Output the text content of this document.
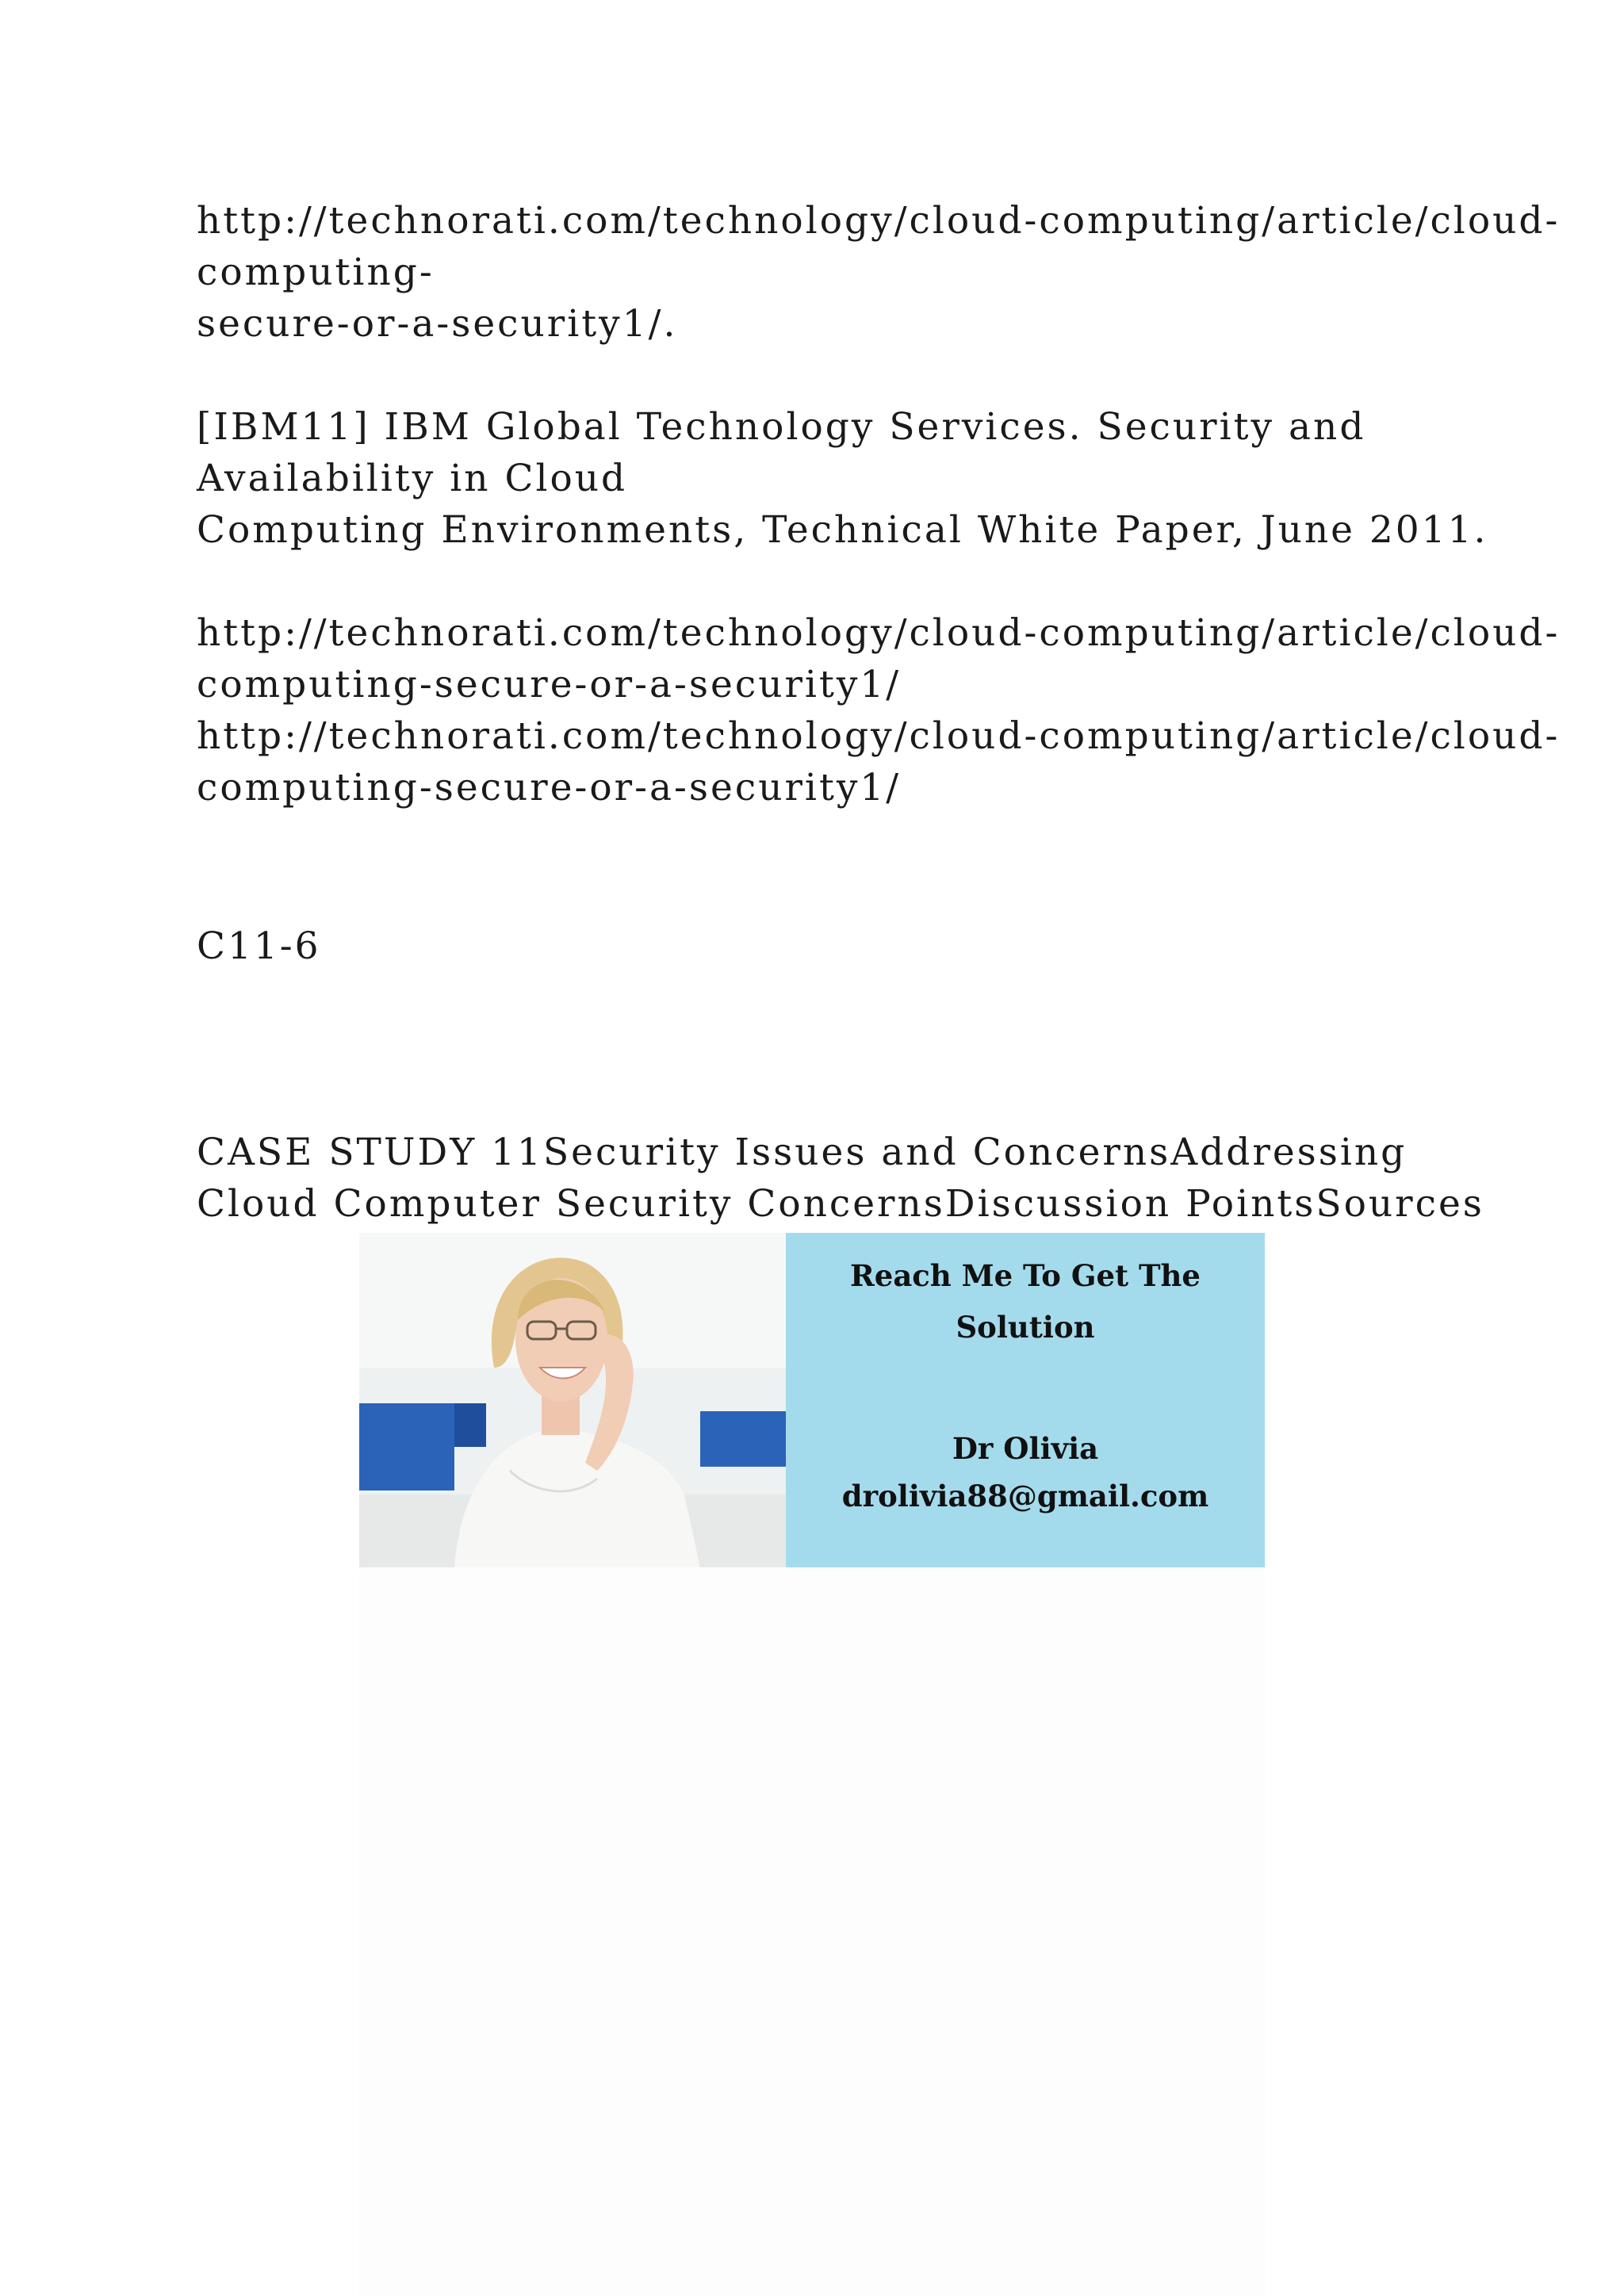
http://technorati.com/technology/cloud-computing/article/cloud-
computing-
secure-or-a-security1/.
[IBM11] IBM Global Technology Services. Security and
Availability in Cloud
Computing Environments, Technical White Paper, June 2011.
http://technorati.com/technology/cloud-computing/article/cloud-
computing-secure-or-a-security1/
http://technorati.com/technology/cloud-computing/article/cloud-
computing-secure-or-a-security1/
C11-6
CASE STUDY 11Security Issues and ConcernsAddressing
Cloud Computer Security ConcernsDiscussion PointsSources
Reach Me To Get The
Solution
Dr Olivia
drolivia88@gmail.com
